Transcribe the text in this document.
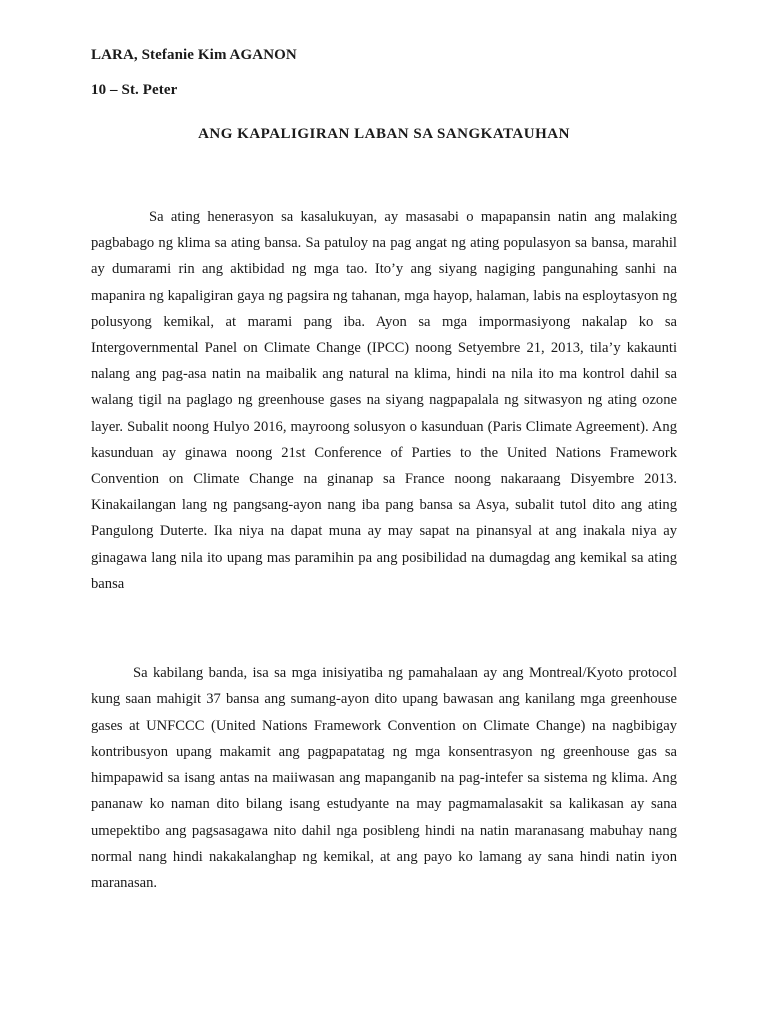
LARA, Stefanie Kim AGANON
10 – St. Peter
ANG KAPALIGIRAN LABAN SA SANGKATAUHAN

Sa ating henerasyon sa kasalukuyan, ay masasabi o mapapansin natin ang malaking pagbabago ng klima sa ating bansa. Sa patuloy na pag angat ng ating populasyon sa bansa, marahil ay dumarami rin ang aktibidad ng mga tao. Ito’y ang siyang nagiging pangunahing sanhi na mapanira ng kapaligiran gaya ng pagsira ng tahanan, mga hayop, halaman, labis na esploytasyon ng polusyong kemikal, at marami pang iba. Ayon sa mga impormasiyong nakalap ko sa Intergovernmental Panel on Climate Change (IPCC) noong Setyembre 21, 2013, tila’y kakaunti nalang ang pag-asa natin na maibalik ang natural na klima, hindi na nila ito ma kontrol dahil sa walang tigil na paglago ng greenhouse gases na siyang nagpapalala ng sitwasyon ng ating ozone layer. Subalit noong Hulyo 2016, mayroong solusyon o kasunduan (Paris Climate Agreement). Ang kasunduan ay ginawa noong 21st Conference of Parties to the United Nations Framework Convention on Climate Change na ginanap sa France noong nakaraang Disyembre 2013. Kinakailangan lang ng pangsang-ayon nang iba pang bansa sa Asya, subalit tutol dito ang ating Pangulong Duterte. Ika niya na dapat muna ay may sapat na pinansyal at ang inakala niya ay ginagawa lang nila ito upang mas paramihin pa ang posibilidad na dumagdag ang kemikal sa ating bansa

Sa kabilang banda, isa sa mga inisiyatiba ng pamahalaan ay ang Montreal/Kyoto protocol kung saan mahigit 37 bansa ang sumang-ayon dito upang bawasan ang kanilang mga greenhouse gases at UNFCCC (United Nations Framework Convention on Climate Change) na nagbibigay kontribusyon upang makamit ang pagpapatatag ng mga konsentrasyon ng greenhouse gas sa himpapawid sa isang antas na maiiwasan ang mapanganib na pag-intefer sa sistema ng klima. Ang pananaw ko naman dito bilang isang estudyante na may pagmamalasakit sa kalikasan ay sana umepektibo ang pagsasagawa nito dahil nga posibleng hindi na natin maranasang mabuhay nang normal nang hindi nakakalanghap ng kemikal, at ang payo ko lamang ay sana hindi natin iyon maranasan.
